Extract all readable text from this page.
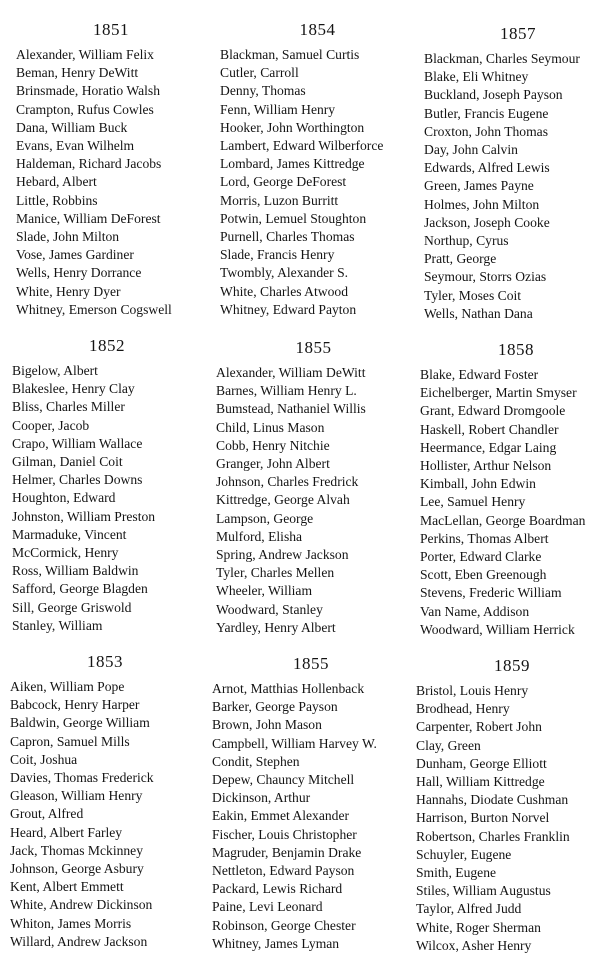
1851
Alexander, William Felix
Beman, Henry DeWitt
Brinsmade, Horatio Walsh
Crampton, Rufus Cowles
Dana, William Buck
Evans, Evan Wilhelm
Haldeman, Richard Jacobs
Hebard, Albert
Little, Robbins
Manice, William DeForest
Slade, John Milton
Vose, James Gardiner
Wells, Henry Dorrance
White, Henry Dyer
Whitney, Emerson Cogswell
1854
Blackman, Samuel Curtis
Cutler, Carroll
Denny, Thomas
Fenn, William Henry
Hooker, John Worthington
Lambert, Edward Wilberforce
Lombard, James Kittredge
Lord, George DeForest
Morris, Luzon Burritt
Potwin, Lemuel Stoughton
Purnell, Charles Thomas
Slade, Francis Henry
Twombly, Alexander S.
White, Charles Atwood
Whitney, Edward Payton
1857
Blackman, Charles Seymour
Blake, Eli Whitney
Buckland, Joseph Payson
Butler, Francis Eugene
Croxton, John Thomas
Day, John Calvin
Edwards, Alfred Lewis
Green, James Payne
Holmes, John Milton
Jackson, Joseph Cooke
Northup, Cyrus
Pratt, George
Seymour, Storrs Ozias
Tyler, Moses Coit
Wells, Nathan Dana
1852
Bigelow, Albert
Blakeslee, Henry Clay
Bliss, Charles Miller
Cooper, Jacob
Crapo, William Wallace
Gilman, Daniel Coit
Helmer, Charles Downs
Houghton, Edward
Johnston, William Preston
Marmaduke, Vincent
McCormick, Henry
Ross, William Baldwin
Safford, George Blagden
Sill, George Griswold
Stanley, William
1855
Alexander, William DeWitt
Barnes, William Henry L.
Bumstead, Nathaniel Willis
Child, Linus Mason
Cobb, Henry Nitchie
Granger, John Albert
Johnson, Charles Fredrick
Kittredge, George Alvah
Lampson, George
Mulford, Elisha
Spring, Andrew Jackson
Tyler, Charles Mellen
Wheeler, William
Woodward, Stanley
Yardley, Henry Albert
1858
Blake, Edward Foster
Eichelberger, Martin Smyser
Grant, Edward Dromgoole
Haskell, Robert Chandler
Heermance, Edgar Laing
Hollister, Arthur Nelson
Kimball, John Edwin
Lee, Samuel Henry
MacLellan, George Boardman
Perkins, Thomas Albert
Porter, Edward Clarke
Scott, Eben Greenough
Stevens, Frederic William
Van Name, Addison
Woodward, William Herrick
1853
Aiken, William Pope
Babcock, Henry Harper
Baldwin, George William
Capron, Samuel Mills
Coit, Joshua
Davies, Thomas Frederick
Gleason, William Henry
Grout, Alfred
Heard, Albert Farley
Jack, Thomas Mckinney
Johnson, George Asbury
Kent, Albert Emmett
White, Andrew Dickinson
Whiton, James Morris
Willard, Andrew Jackson
1855
Arnot, Matthias Hollenback
Barker, George Payson
Brown, John Mason
Campbell, William Harvey W.
Condit, Stephen
Depew, Chauncy Mitchell
Dickinson, Arthur
Eakin, Emmet Alexander
Fischer, Louis Christopher
Magruder, Benjamin Drake
Nettleton, Edward Payson
Packard, Lewis Richard
Paine, Levi Leonard
Robinson, George Chester
Whitney, James Lyman
1859
Bristol, Louis Henry
Brodhead, Henry
Carpenter, Robert John
Clay, Green
Dunham, George Elliott
Hall, William Kittredge
Hannahs, Diodate Cushman
Harrison, Burton Norvel
Robertson, Charles Franklin
Schuyler, Eugene
Smith, Eugene
Stiles, William Augustus
Taylor, Alfred Judd
White, Roger Sherman
Wilcox, Asher Henry
